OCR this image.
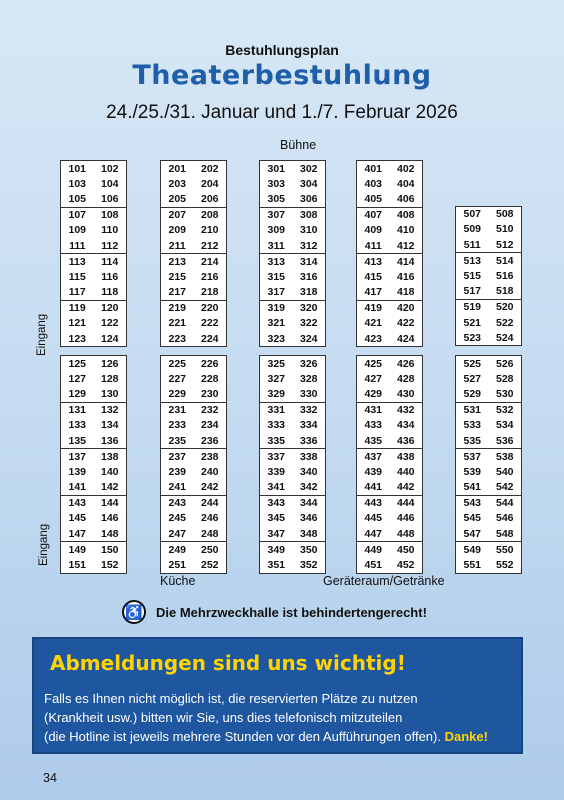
Bestuhlungsplan
Theaterbestuhlung
24./25./31. Januar und 1./7. Februar 2026
Bühne
101	102
103	104
105	106
107	108
109	110
111	112
113	114
115	116
117	118
119	120
121	122
123	124
201	202
203	204
205	206
207	208
209	210
211	212
213	214
215	216
217	218
219	220
221	222
223	224
301	302
303	304
305	306
307	308
309	310
311	312
313	314
315	316
317	318
319	320
321	322
323	324
401	402
403	404
405	406
407	408
409	410
411	412
413	414
415	416
417	418
419	420
421	422
423	424
507	508
509	510
511	512
513	514
515	516
517	518
519	520
521	522
523	524
125	126
127	128
129	130
131	132
133	134
135	136
137	138
139	140
141	142
143	144
145	146
147	148
149	150
151	152
225	226
227	228
229	230
231	232
233	234
235	236
237	238
239	240
241	242
243	244
245	246
247	248
249	250
251	252
325	326
327	328
329	330
331	332
333	334
335	336
337	338
339	340
341	342
343	344
345	346
347	348
349	350
351	352
425	426
427	428
429	430
431	432
433	434
435	436
437	438
439	440
441	442
443	444
445	446
447	448
449	450
451	452
525	526
527	528
529	530
531	532
533	534
535	536
537	538
539	540
541	542
543	544
545	546
547	548
549	550
551	552
Eingang
Eingang
Küche	Geräteraum/Getränke
♿ Die Mehrzweckhalle ist behindertengerecht!
Abmeldungen sind uns wichtig!
Falls es Ihnen nicht möglich ist, die reservierten Plätze zu nutzen
(Krankheit usw.) bitten wir Sie, uns dies telefonisch mitzuteilen
(die Hotline ist jeweils mehrere Stunden vor den Aufführungen offen). Danke!
34
